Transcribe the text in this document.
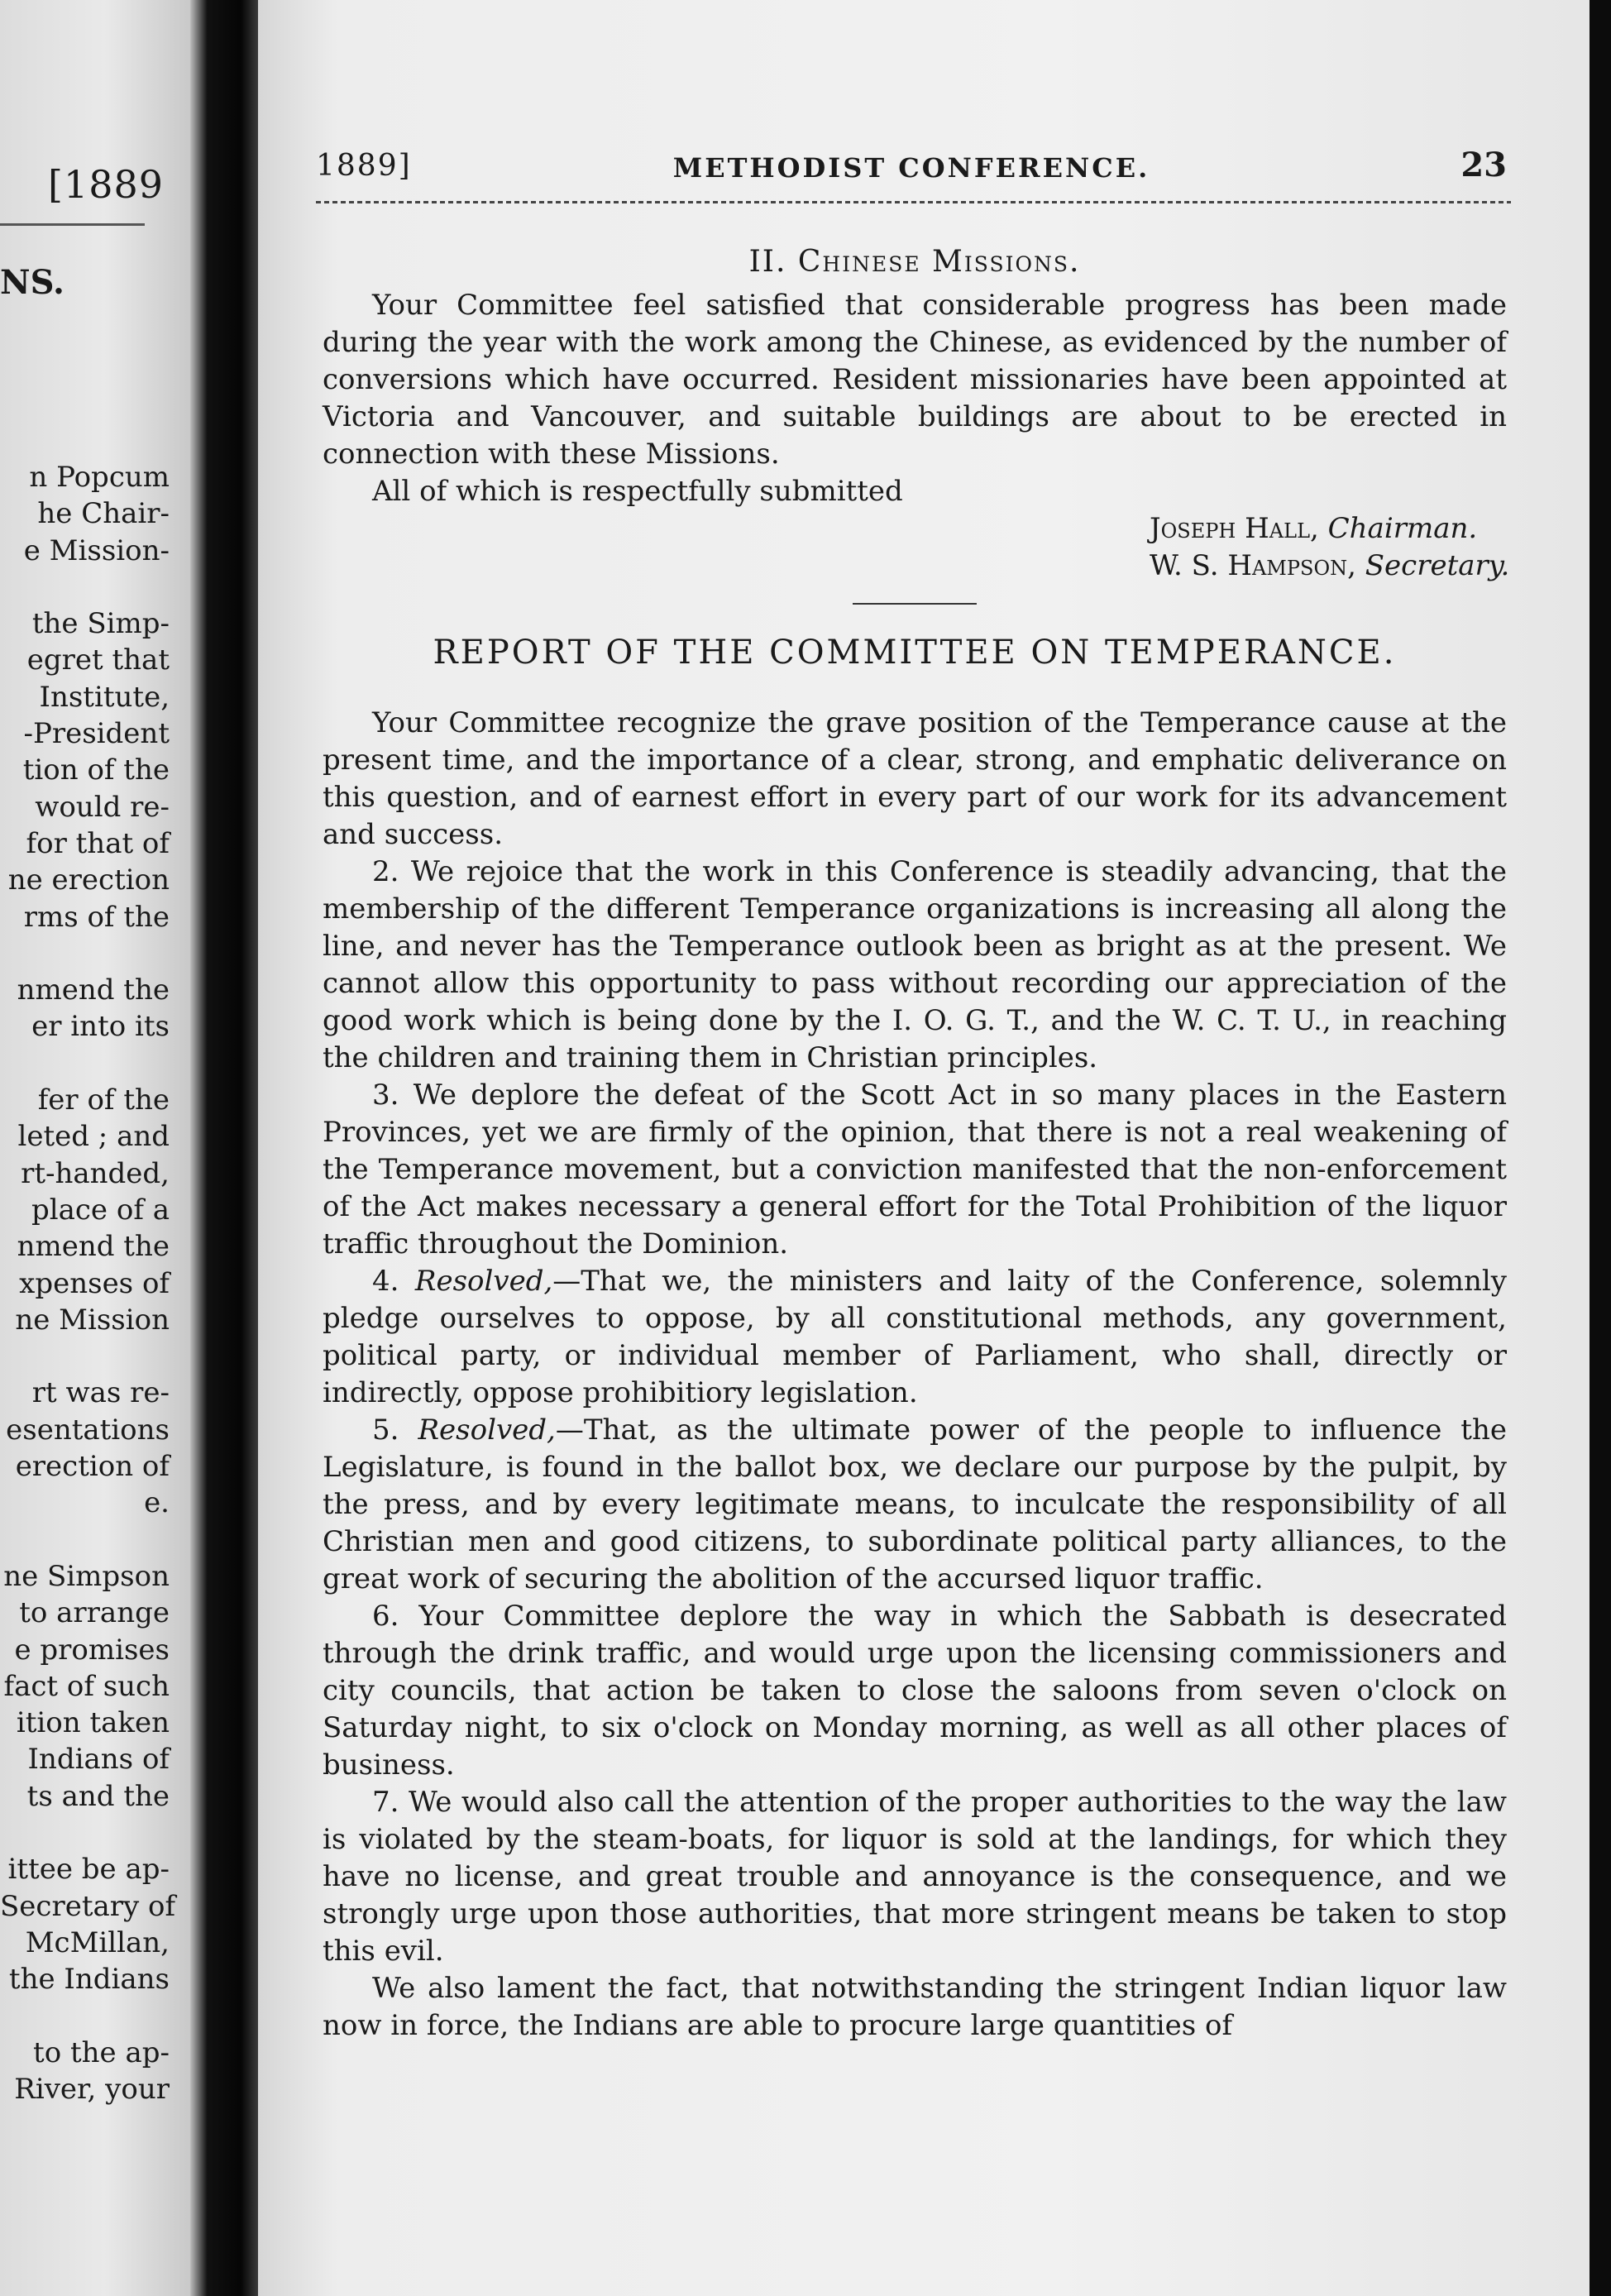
[1889
NS.
n Popcum
he Chair-
e Mission-
the Simp-
egret that
Institute,
-President
tion of the
would re-
for that of
ne erection
rms of the
nmend the
er into its
fer of the
leted ; and
rt-handed,
place of a
nmend the
xpenses of
ne Mission
rt was re-
esentations
erection of
e.
ne Simpson
to arrange
e promises
fact of such
ition taken
Indians of
ts and the
ittee be ap-
Secretary of
McMillan,
the Indians
to the ap-
River, your
1889]	METHODIST CONFERENCE.	23
II. Chinese Missions.

Your Committee feel satisfied that considerable progress has been made during the year with the work among the Chinese, as evidenced by the number of conversions which have occurred. Resident missionaries have been appointed at Victoria and Vancouver, and suitable buildings are about to be erected in connection with these Missions.

All of which is respectfully submitted

Joseph Hall, Chairman.

W. S. Hampson, Secretary.

REPORT OF THE COMMITTEE ON TEMPERANCE.

Your Committee recognize the grave position of the Temperance cause at the present time, and the importance of a clear, strong, and emphatic deliverance on this question, and of earnest effort in every part of our work for its advancement and success.

2. We rejoice that the work in this Conference is steadily advancing, that the membership of the different Temperance organizations is increasing all along the line, and never has the Temperance outlook been as bright as at the present. We cannot allow this opportunity to pass without recording our appreciation of the good work which is being done by the I. O. G. T., and the W. C. T. U., in reaching the children and training them in Christian principles.

3. We deplore the defeat of the Scott Act in so many places in the Eastern Provinces, yet we are firmly of the opinion, that there is not a real weakening of the Temperance movement, but a conviction manifested that the non-enforcement of the Act makes necessary a general effort for the Total Prohibition of the liquor traffic throughout the Dominion.

4. Resolved,—That we, the ministers and laity of the Conference, solemnly pledge ourselves to oppose, by all constitutional methods, any government, political party, or individual member of Parliament, who shall, directly or indirectly, oppose prohibitiory legislation.

5. Resolved,—That, as the ultimate power of the people to influence the Legislature, is found in the ballot box, we declare our purpose by the pulpit, by the press, and by every legitimate means, to inculcate the responsibility of all Christian men and good citizens, to subordinate political party alliances, to the great work of securing the abolition of the accursed liquor traffic.

6. Your Committee deplore the way in which the Sabbath is desecrated through the drink traffic, and would urge upon the licensing commissioners and city councils, that action be taken to close the saloons from seven o'clock on Saturday night, to six o'clock on Monday morning, as well as all other places of business.

7. We would also call the attention of the proper authorities to the way the law is violated by the steam-boats, for liquor is sold at the landings, for which they have no license, and great trouble and annoyance is the consequence, and we strongly urge upon those authorities, that more stringent means be taken to stop this evil.

We also lament the fact, that notwithstanding the stringent Indian liquor law now in force, the Indians are able to procure large quantities of
